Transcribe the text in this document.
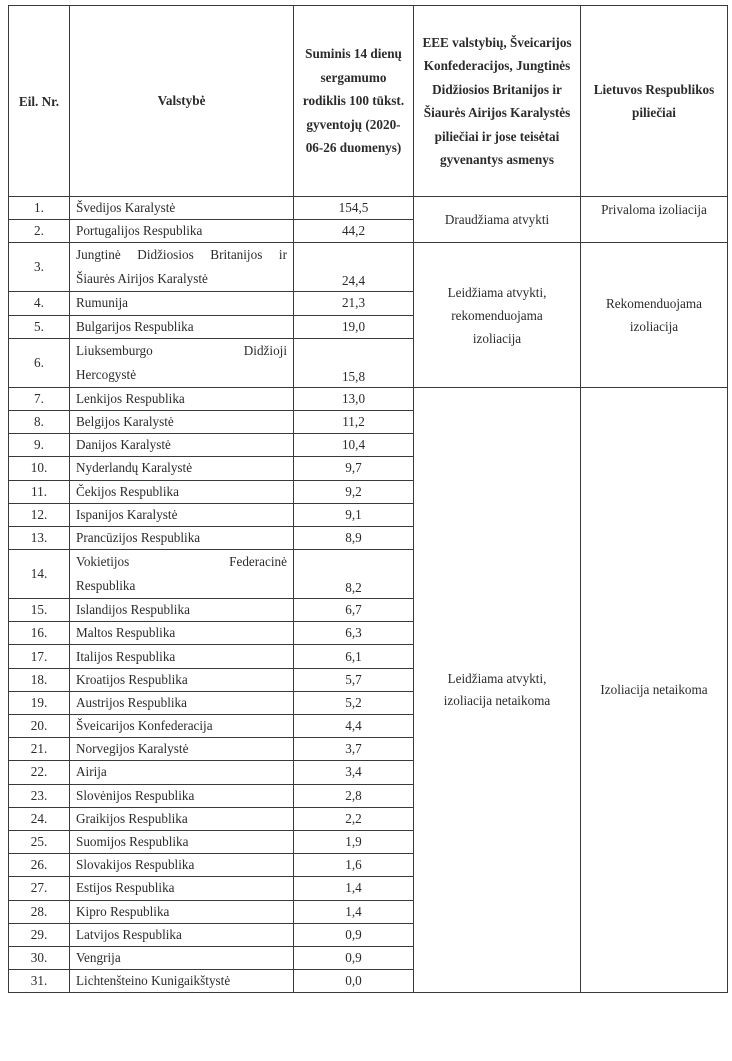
Eil. Nr.	Valstybė	Suminis 14 dienų sergamumo rodiklis 100 tūkst. gyventojų (2020-06-26 duomenys)	EEE valstybių, Šveicarijos Konfederacijos, Jungtinės Didžiosios Britanijos ir Šiaurės Airijos Karalystės piliečiai ir jose teisėtai gyvenantys asmenys	Lietuvos Respublikos piliečiai
1.	Švedijos Karalystė	154,5	Draudžiama atvykti	Privaloma izoliacija
2.	Portugalijos Respublika	44,2		
3.	Jungtinė Didžiosios Britanijos ir
Šiaurės Airijos Karalystė	24,4	Leidžiama atvykti, rekomenduojama izoliacija	Rekomenduojama izoliacija
4.	Rumunija	21,3		
5.	Bulgarijos Respublika	19,0		
6.	Liuksemburgo Didžioji
Hercogystė	15,8		
7.	Lenkijos Respublika	13,0	Leidžiama atvykti, izoliacija netaikoma	Izoliacija netaikoma
8.	Belgijos Karalystė	11,2		
9.	Danijos Karalystė	10,4		
10.	Nyderlandų Karalystė	9,7		
11.	Čekijos Respublika	9,2		
12.	Ispanijos Karalystė	9,1		
13.	Prancūzijos Respublika	8,9		
14.	Vokietijos Federacinė
Respublika	8,2		
15.	Islandijos Respublika	6,7		
16.	Maltos Respublika	6,3		
17.	Italijos Respublika	6,1		
18.	Kroatijos Respublika	5,7		
19.	Austrijos Respublika	5,2		
20.	Šveicarijos Konfederacija	4,4		
21.	Norvegijos Karalystė	3,7		
22.	Airija	3,4		
23.	Slovėnijos Respublika	2,8		
24.	Graikijos Respublika	2,2		
25.	Suomijos Respublika	1,9		
26.	Slovakijos Respublika	1,6		
27.	Estijos Respublika	1,4		
28.	Kipro Respublika	1,4		
29.	Latvijos Respublika	0,9		
30.	Vengrija	0,9		
31.	Lichtenšteino Kunigaikštystė	0,0		
